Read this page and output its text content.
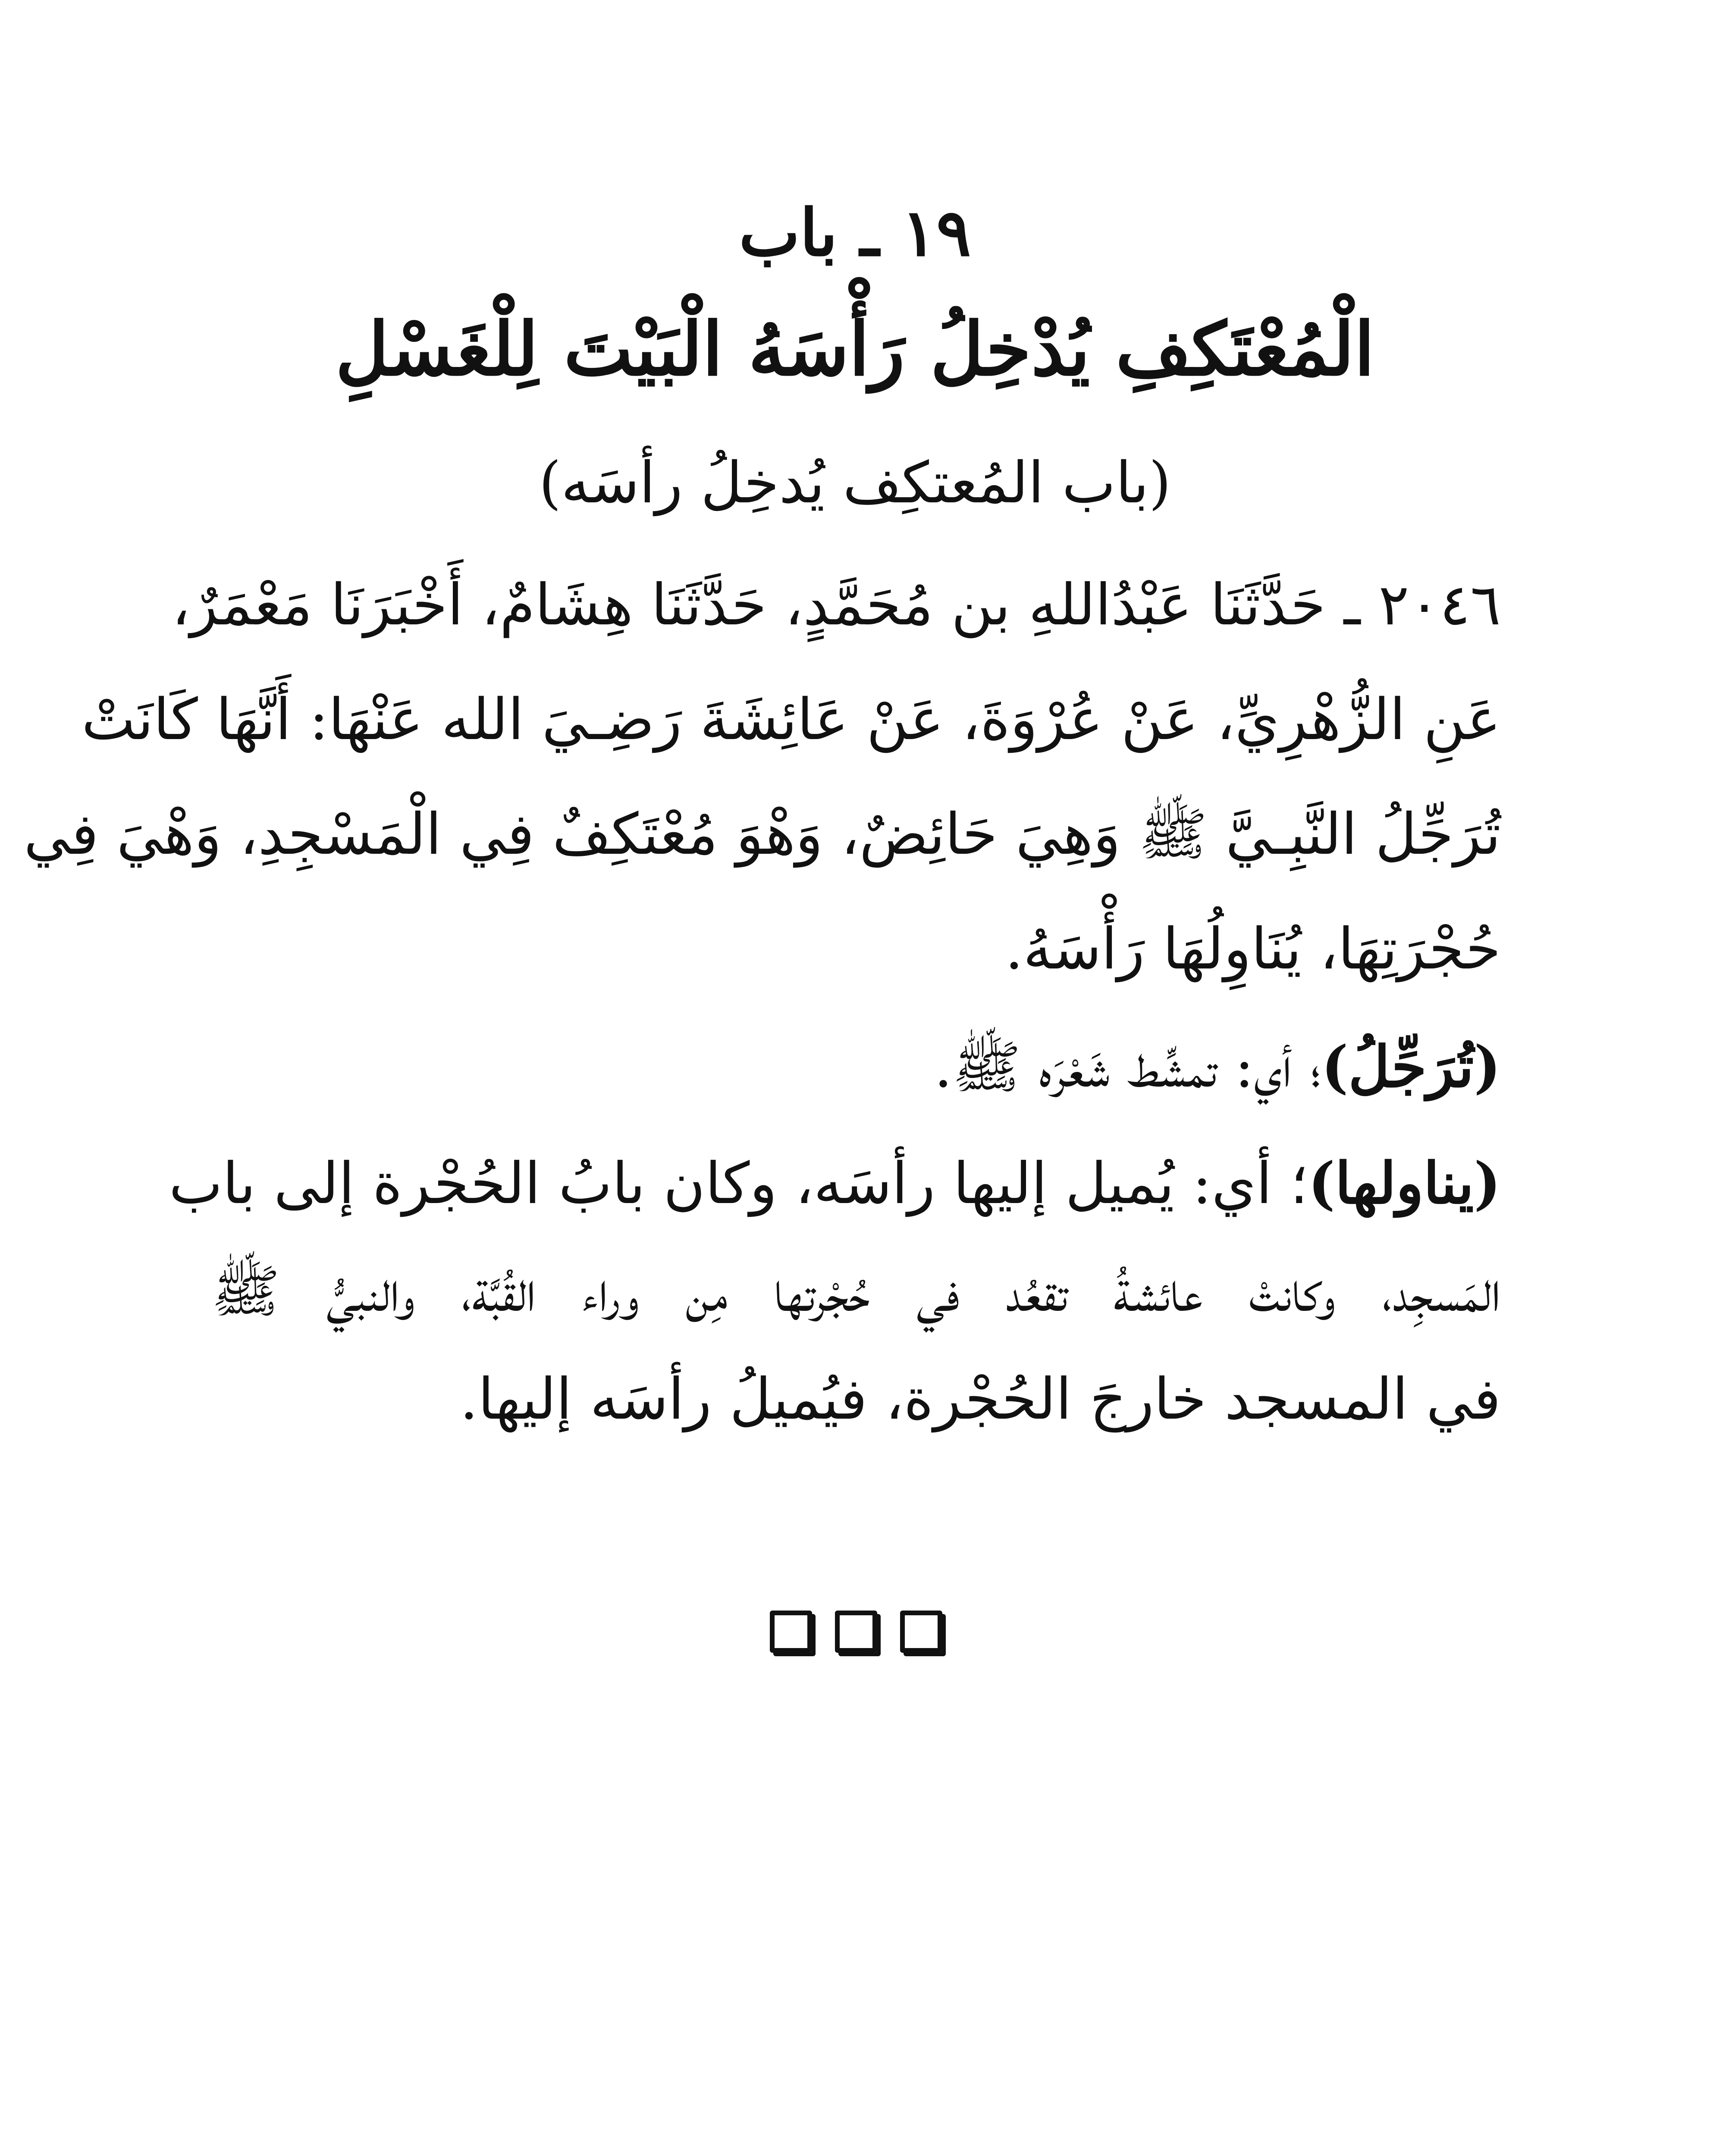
١٩ ـ باب
الْمُعْتَكِفِ يُدْخِلُ رَأْسَهُ الْبَيْتَ لِلْغَسْلِ
(باب المُعتكِف يُدخِلُ رأسَه)
٢٠٤٦ ـ حَدَّثَنَا عَبْدُاللهِ بن مُحَمَّدٍ، حَدَّثَنَا هِشَامٌ، أَخْبَرَنَا مَعْمَرٌ،
عَنِ الزُّهْرِيِّ، عَنْ عُرْوَةَ، عَنْ عَائِشَةَ رَضِـيَ الله عَنْهَا: أَنَّهَا كَانَتْ
تُرَجِّلُ النَّبِـيَّ ﷺ وَهِيَ حَائِضٌ، وَهْوَ مُعْتَكِفٌ فِي الْمَسْجِدِ، وَهْيَ فِي
حُجْرَتِهَا، يُنَاوِلُهَا رَأْسَهُ.
(تُرَجِّلُ)؛ أي: تمشِّط شَعْرَه ﷺ.
(يناولها)؛ أي: يُميل إليها رأسَه، وكان بابُ الحُجْرة إلى باب
المَسجِد، وكانتْ عائشةُ تقعُد في حُجْرتها مِن وراء القُبَّة، والنبيُّ ﷺ
في المسجد خارجَ الحُجْرة، فيُميلُ رأسَه إليها.
